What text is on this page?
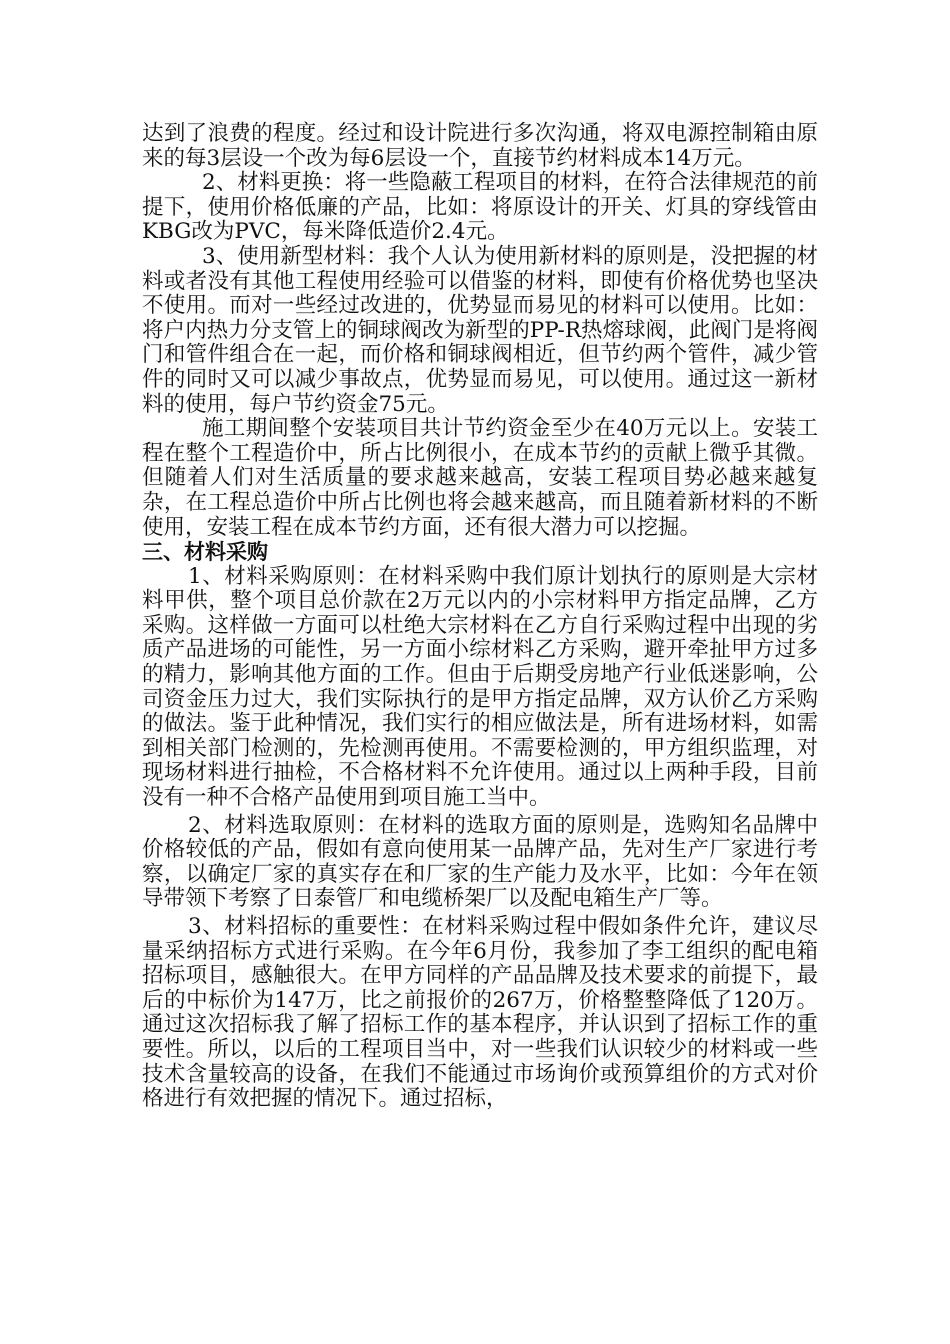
达到了浪费的程度。经过和设计院进行多次沟通，将双电源控制箱由原来的每3层设一个改为每6层设一个，直接节约材料成本14万元。

2、材料更换：将一些隐蔽工程项目的材料，在符合法律规范的前提下，使用价格低廉的产品，比如：将原设计的开关、灯具的穿线管由KBG改为PVC，每米降低造价2.4元。

3、使用新型材料：我个人认为使用新材料的原则是，没把握的材料或者没有其他工程使用经验可以借鉴的材料，即使有价格优势也坚决不使用。而对一些经过改进的，优势显而易见的材料可以使用。比如：将户内热力分支管上的铜球阀改为新型的PP-R热熔球阀，此阀门是将阀门和管件组合在一起，而价格和铜球阀相近，但节约两个管件，减少管件的同时又可以减少事故点，优势显而易见，可以使用。通过这一新材料的使用，每户节约资金75元。

施工期间整个安装项目共计节约资金至少在40万元以上。安装工程在整个工程造价中，所占比例很小，在成本节约的贡献上微乎其微。但随着人们对生活质量的要求越来越高，安装工程项目势必越来越复杂，在工程总造价中所占比例也将会越来越高，而且随着新材料的不断使用，安装工程在成本节约方面，还有很大潜力可以挖掘。

三、材料采购

1、材料采购原则：在材料采购中我们原计划执行的原则是大宗材料甲供，整个项目总价款在2万元以内的小宗材料甲方指定品牌，乙方采购。这样做一方面可以杜绝大宗材料在乙方自行采购过程中出现的劣质产品进场的可能性，另一方面小综材料乙方采购，避开牵扯甲方过多的精力，影响其他方面的工作。但由于后期受房地产行业低迷影响，公司资金压力过大，我们实际执行的是甲方指定品牌，双方认价乙方采购的做法。鉴于此种情况，我们实行的相应做法是，所有进场材料，如需到相关部门检测的，先检测再使用。不需要检测的，甲方组织监理，对现场材料进行抽检，不合格材料不允许使用。通过以上两种手段，目前没有一种不合格产品使用到项目施工当中。

2、材料选取原则：在材料的选取方面的原则是，选购知名品牌中价格较低的产品，假如有意向使用某一品牌产品，先对生产厂家进行考察，以确定厂家的真实存在和厂家的生产能力及水平，比如：今年在领导带领下考察了日泰管厂和电缆桥架厂以及配电箱生产厂等。

3、材料招标的重要性：在材料采购过程中假如条件允许，建议尽量采纳招标方式进行采购。在今年6月份，我参加了李工组织的配电箱招标项目，感触很大。在甲方同样的产品品牌及技术要求的前提下，最后的中标价为147万，比之前报价的267万，价格整整降低了120万。通过这次招标我了解了招标工作的基本程序，并认识到了招标工作的重要性。所以，以后的工程项目当中，对一些我们认识较少的材料或一些技术含量较高的设备，在我们不能通过市场询价或预算组价的方式对价格进行有效把握的情况下。通过招标，
